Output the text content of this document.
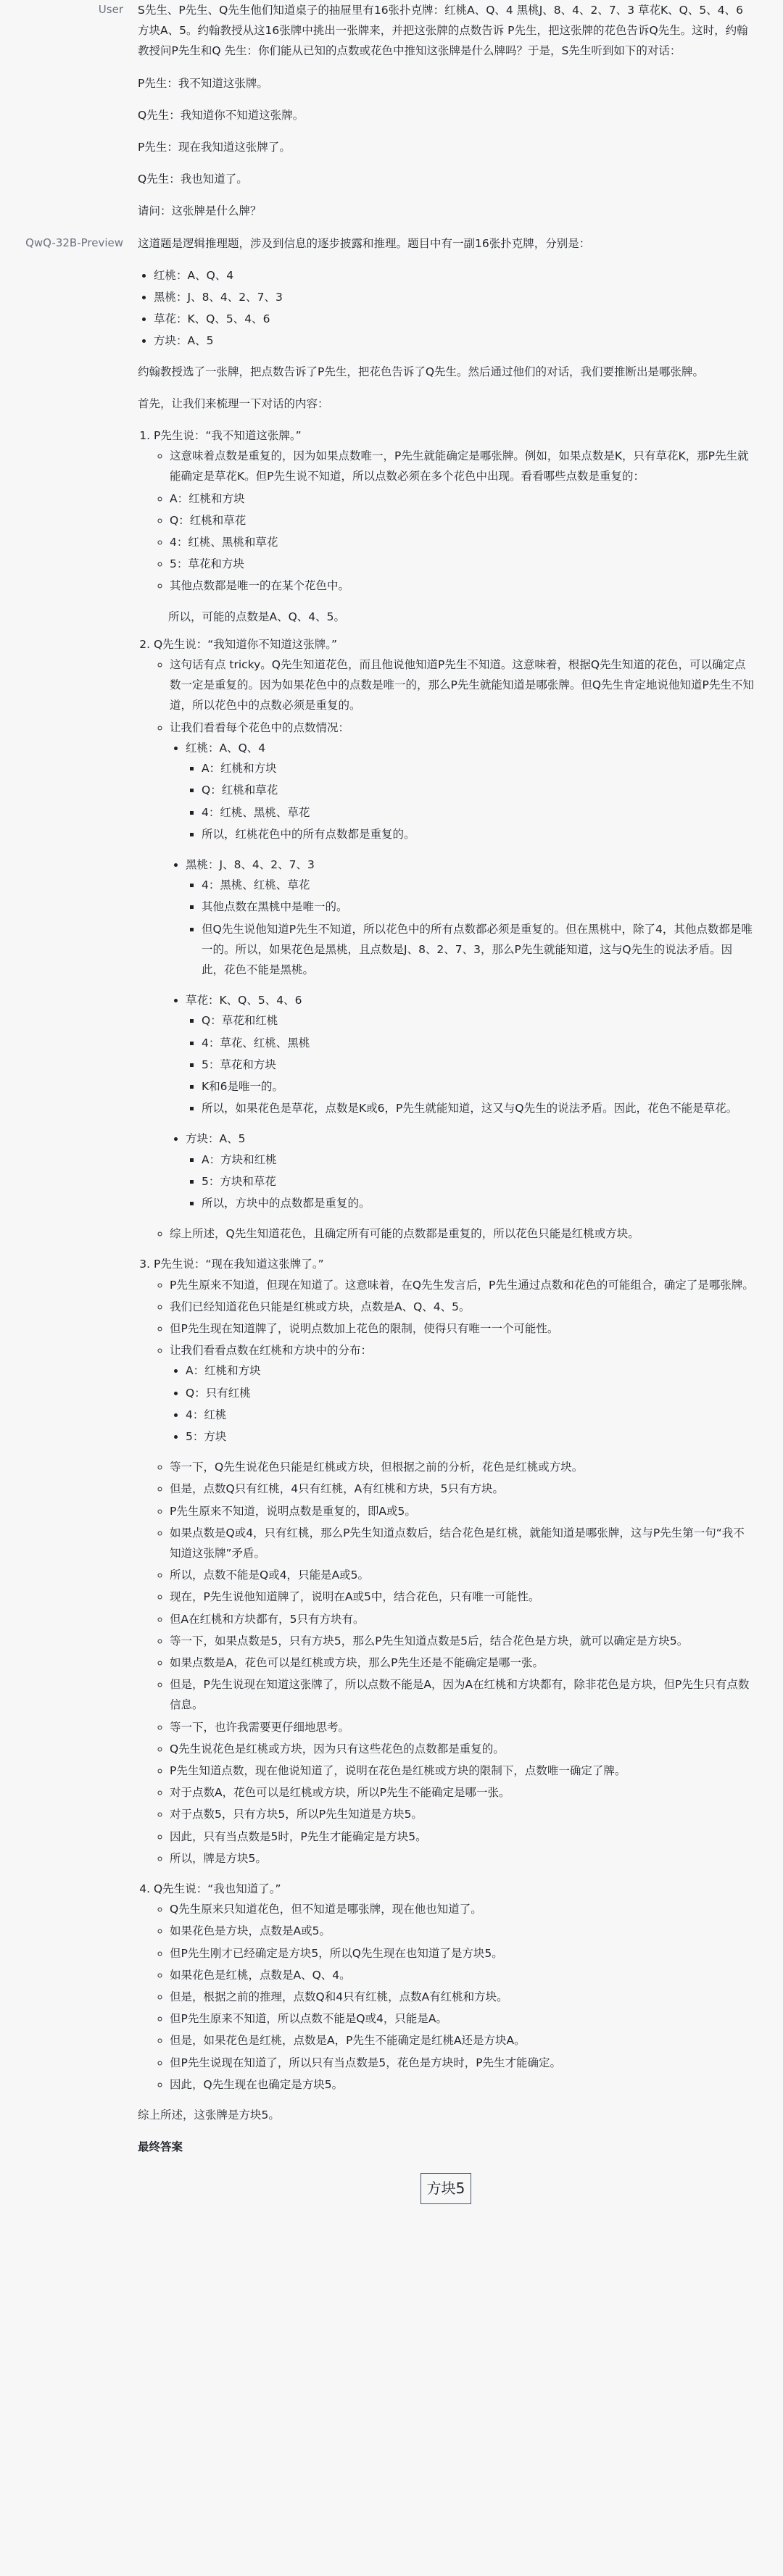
User S先生、P先生、Q先生他们知道桌子的抽屉里有16张扑克牌：红桃A、Q、4 黑桃J、8、4、2、7、3 草花K、Q、5、4、6 方块A、5。约翰教授从这16张牌中挑出一张牌来，并把这张牌的点数告诉 P先生，把这张牌的花色告诉Q先生。这时，约翰教授问P先生和Q 先生：你们能从已知的点数或花色中推知这张牌是什么牌吗？于是，S先生听到如下的对话：

P先生：我不知道这张牌。

Q先生：我知道你不知道这张牌。

P先生：现在我知道这张牌了。

Q先生：我也知道了。

请问：这张牌是什么牌？

QwQ-32B-Preview 这道题是逻辑推理题，涉及到信息的逐步披露和推理。题目中有一副16张扑克牌，分别是：

• 红桃：A、Q、4
• 黑桃：J、8、4、2、7、3
• 草花：K、Q、5、4、6
• 方块：A、5

约翰教授选了一张牌，把点数告诉了P先生，把花色告诉了Q先生。然后通过他们的对话，我们要推断出是哪张牌。

首先，让我们来梳理一下对话的内容：

1. P先生说：“我不知道这张牌。”
◦ 这意味着点数是重复的，因为如果点数唯一，P先生就能确定是哪张牌。例如，如果点数是K，只有草花K，那P先生就能确定是草花K。但P先生说不知道，所以点数必须在多个花色中出现。看看哪些点数是重复的：
◦ A：红桃和方块
◦ Q：红桃和草花
◦ 4：红桃、黑桃和草花
◦ 5：草花和方块
◦ 其他点数都是唯一的在某个花色中。
所以，可能的点数是A、Q、4、5。
2. Q先生说：“我知道你不知道这张牌。”
◦ 这句话有点 tricky。Q先生知道花色，而且他说他知道P先生不知道。这意味着，根据Q先生知道的花色，可以确定点数一定是重复的。因为如果花色中的点数是唯一的，那么P先生就能知道是哪张牌。但Q先生肯定地说他知道P先生不知道，所以花色中的点数必须是重复的。
◦ 让我们看看每个花色中的点数情况：
• 红桃：A、Q、4
▪ A：红桃和方块
▪ Q：红桃和草花
▪ 4：红桃、黑桃、草花
▪ 所以，红桃花色中的所有点数都是重复的。
• 黑桃：J、8、4、2、7、3
▪ 4：黑桃、红桃、草花
▪ 其他点数在黑桃中是唯一的。
▪ 但Q先生说他知道P先生不知道，所以花色中的所有点数都必须是重复的。但在黑桃中，除了4，其他点数都是唯一的。所以，如果花色是黑桃，且点数是J、8、2、7、3，那么P先生就能知道，这与Q先生的说法矛盾。因此，花色不能是黑桃。
• 草花：K、Q、5、4、6
▪ Q：草花和红桃
▪ 4：草花、红桃、黑桃
▪ 5：草花和方块
▪ K和6是唯一的。
▪ 所以，如果花色是草花，点数是K或6，P先生就能知道，这又与Q先生的说法矛盾。因此，花色不能是草花。
• 方块：A、5
▪ A：方块和红桃
▪ 5：方块和草花
▪ 所以，方块中的点数都是重复的。
◦ 综上所述，Q先生知道花色，且确定所有可能的点数都是重复的，所以花色只能是红桃或方块。
3. P先生说：“现在我知道这张牌了。”
◦ P先生原来不知道，但现在知道了。这意味着，在Q先生发言后，P先生通过点数和花色的可能组合，确定了是哪张牌。
◦ 我们已经知道花色只能是红桃或方块，点数是A、Q、4、5。
◦ 但P先生现在知道牌了，说明点数加上花色的限制，使得只有唯一一个可能性。
◦ 让我们看看点数在红桃和方块中的分布：
• A：红桃和方块
• Q：只有红桃
• 4：红桃
• 5：方块
◦ 等一下，Q先生说花色只能是红桃或方块，但根据之前的分析，花色是红桃或方块。
◦ 但是，点数Q只有红桃，4只有红桃，A有红桃和方块，5只有方块。
◦ P先生原来不知道，说明点数是重复的，即A或5。
◦ 如果点数是Q或4，只有红桃，那么P先生知道点数后，结合花色是红桃，就能知道是哪张牌，这与P先生第一句“我不知道这张牌”矛盾。
◦ 所以，点数不能是Q或4，只能是A或5。
◦ 现在，P先生说他知道牌了，说明在A或5中，结合花色，只有唯一可能性。
◦ 但A在红桃和方块都有，5只有方块有。
◦ 等一下，如果点数是5，只有方块5，那么P先生知道点数是5后，结合花色是方块，就可以确定是方块5。
◦ 如果点数是A，花色可以是红桃或方块，那么P先生还是不能确定是哪一张。
◦ 但是，P先生说现在知道这张牌了，所以点数不能是A，因为A在红桃和方块都有，除非花色是方块，但P先生只有点数信息。
◦ 等一下，也许我需要更仔细地思考。
◦ Q先生说花色是红桃或方块，因为只有这些花色的点数都是重复的。
◦ P先生知道点数，现在他说知道了，说明在花色是红桃或方块的限制下，点数唯一确定了牌。
◦ 对于点数A，花色可以是红桃或方块，所以P先生不能确定是哪一张。
◦ 对于点数5，只有方块5，所以P先生知道是方块5。
◦ 因此，只有当点数是5时，P先生才能确定是方块5。
◦ 所以，牌是方块5。
4. Q先生说：“我也知道了。”
◦ Q先生原来只知道花色，但不知道是哪张牌，现在他也知道了。
◦ 如果花色是方块，点数是A或5。
◦ 但P先生刚才已经确定是方块5，所以Q先生现在也知道了是方块5。
◦ 如果花色是红桃，点数是A、Q、4。
◦ 但是，根据之前的推理，点数Q和4只有红桃，点数A有红桃和方块。
◦ 但P先生原来不知道，所以点数不能是Q或4，只能是A。
◦ 但是，如果花色是红桃，点数是A，P先生不能确定是红桃A还是方块A。
◦ 但P先生说现在知道了，所以只有当点数是5，花色是方块时，P先生才能确定。
◦ 因此，Q先生现在也确定是方块5。

综上所述，这张牌是方块5。

最终答案
方块5
